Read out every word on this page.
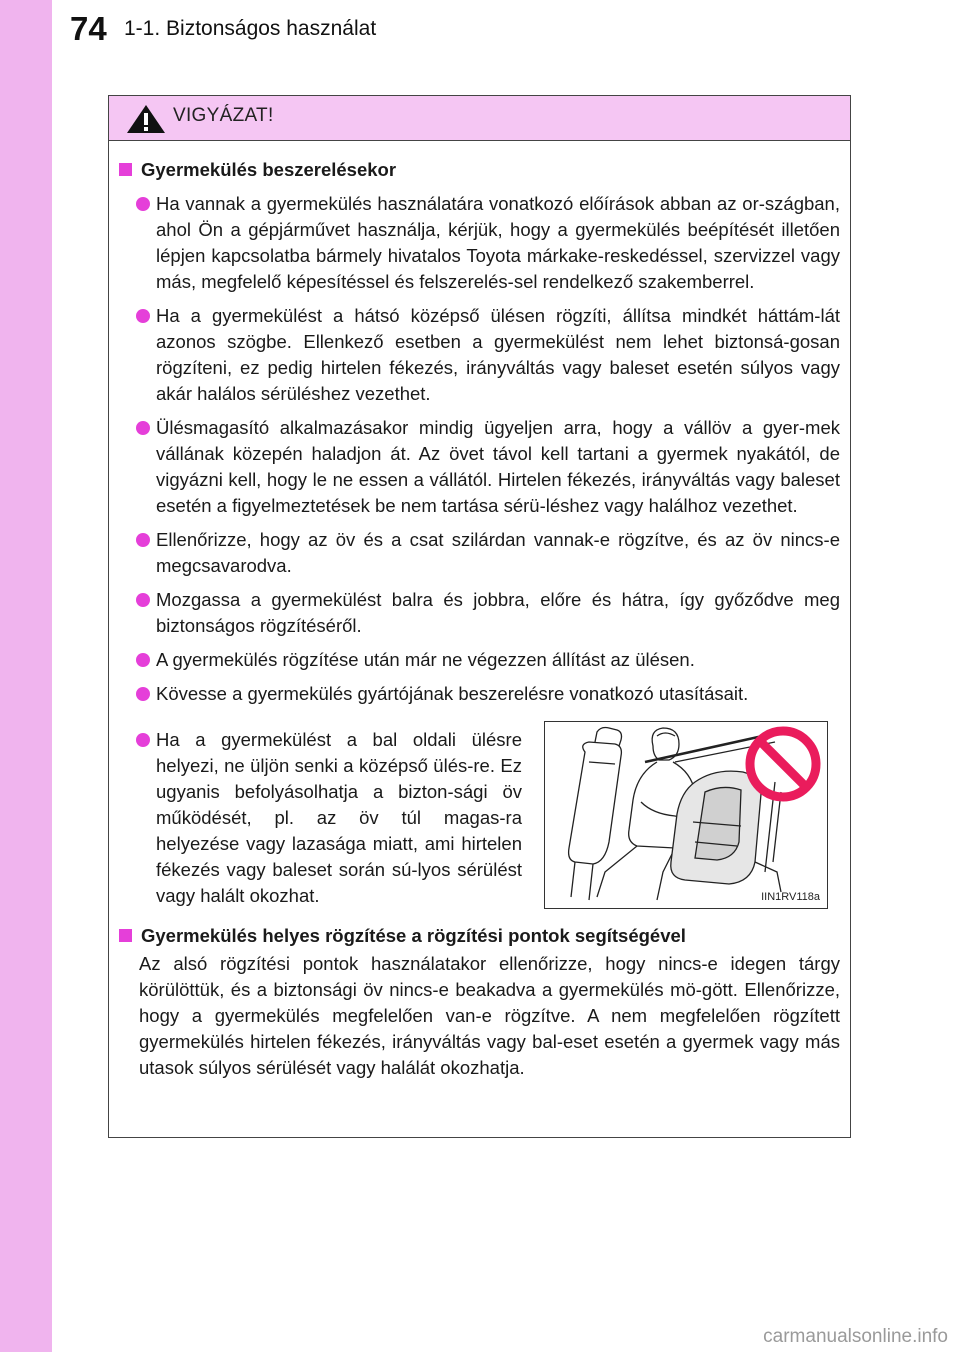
74 1-1. Biztonságos használat
VIGYÁZAT!
Gyermekülés beszerelésekor
Ha vannak a gyermekülés használatára vonatkozó előírások abban az or-szágban, ahol Ön a gépjárművet használja, kérjük, hogy a gyermekülés beépítését illetően lépjen kapcsolatba bármely hivatalos Toyota márkake-reskedéssel, szervizzel vagy más, megfelelő képesítéssel és felszerelés-sel rendelkező szakemberrel.
Ha a gyermekülést a hátsó középső ülésen rögzíti, állítsa mindkét háttám-lát azonos szögbe. Ellenkező esetben a gyermekülést nem lehet biztonsá-gosan rögzíteni, ez pedig hirtelen fékezés, irányváltás vagy baleset esetén súlyos vagy akár halálos sérüléshez vezethet.
Ülésmagasító alkalmazásakor mindig ügyeljen arra, hogy a vállöv a gyer-mek vállának közepén haladjon át. Az övet távol kell tartani a gyermek nyakától, de vigyázni kell, hogy le ne essen a vállától. Hirtelen fékezés, irányváltás vagy baleset esetén a figyelmeztetések be nem tartása sérü-léshez vagy halálhoz vezethet.
Ellenőrizze, hogy az öv és a csat szilárdan vannak-e rögzítve, és az öv nincs-e megcsavarodva.
Mozgassa a gyermekülést balra és jobbra, előre és hátra, így győződve meg biztonságos rögzítéséről.
A gyermekülés rögzítése után már ne végezzen állítást az ülésen.
Kövesse a gyermekülés gyártójának beszerelésre vonatkozó utasításait.
Ha a gyermekülést a bal oldali ülésre helyezi, ne üljön senki a középső ülés-re. Ez ugyanis befolyásolhatja a bizton-sági öv működését, pl. az öv túl magas-ra helyezése vagy lazasága miatt, ami hirtelen fékezés vagy baleset során sú-lyos sérülést vagy halált okozhat.	IIN1RV118a
Gyermekülés helyes rögzítése a rögzítési pontok segítségével
Az alsó rögzítési pontok használatakor ellenőrizze, hogy nincs-e idegen tárgy körülöttük, és a biztonsági öv nincs-e beakadva a gyermekülés mö-gött. Ellenőrizze, hogy a gyermekülés megfelelően van-e rögzítve. A nem megfelelően rögzített gyermekülés hirtelen fékezés, irányváltás vagy bal-eset esetén a gyermek vagy más utasok súlyos sérülését vagy halálát okozhatja.
carmanualsonline.info
